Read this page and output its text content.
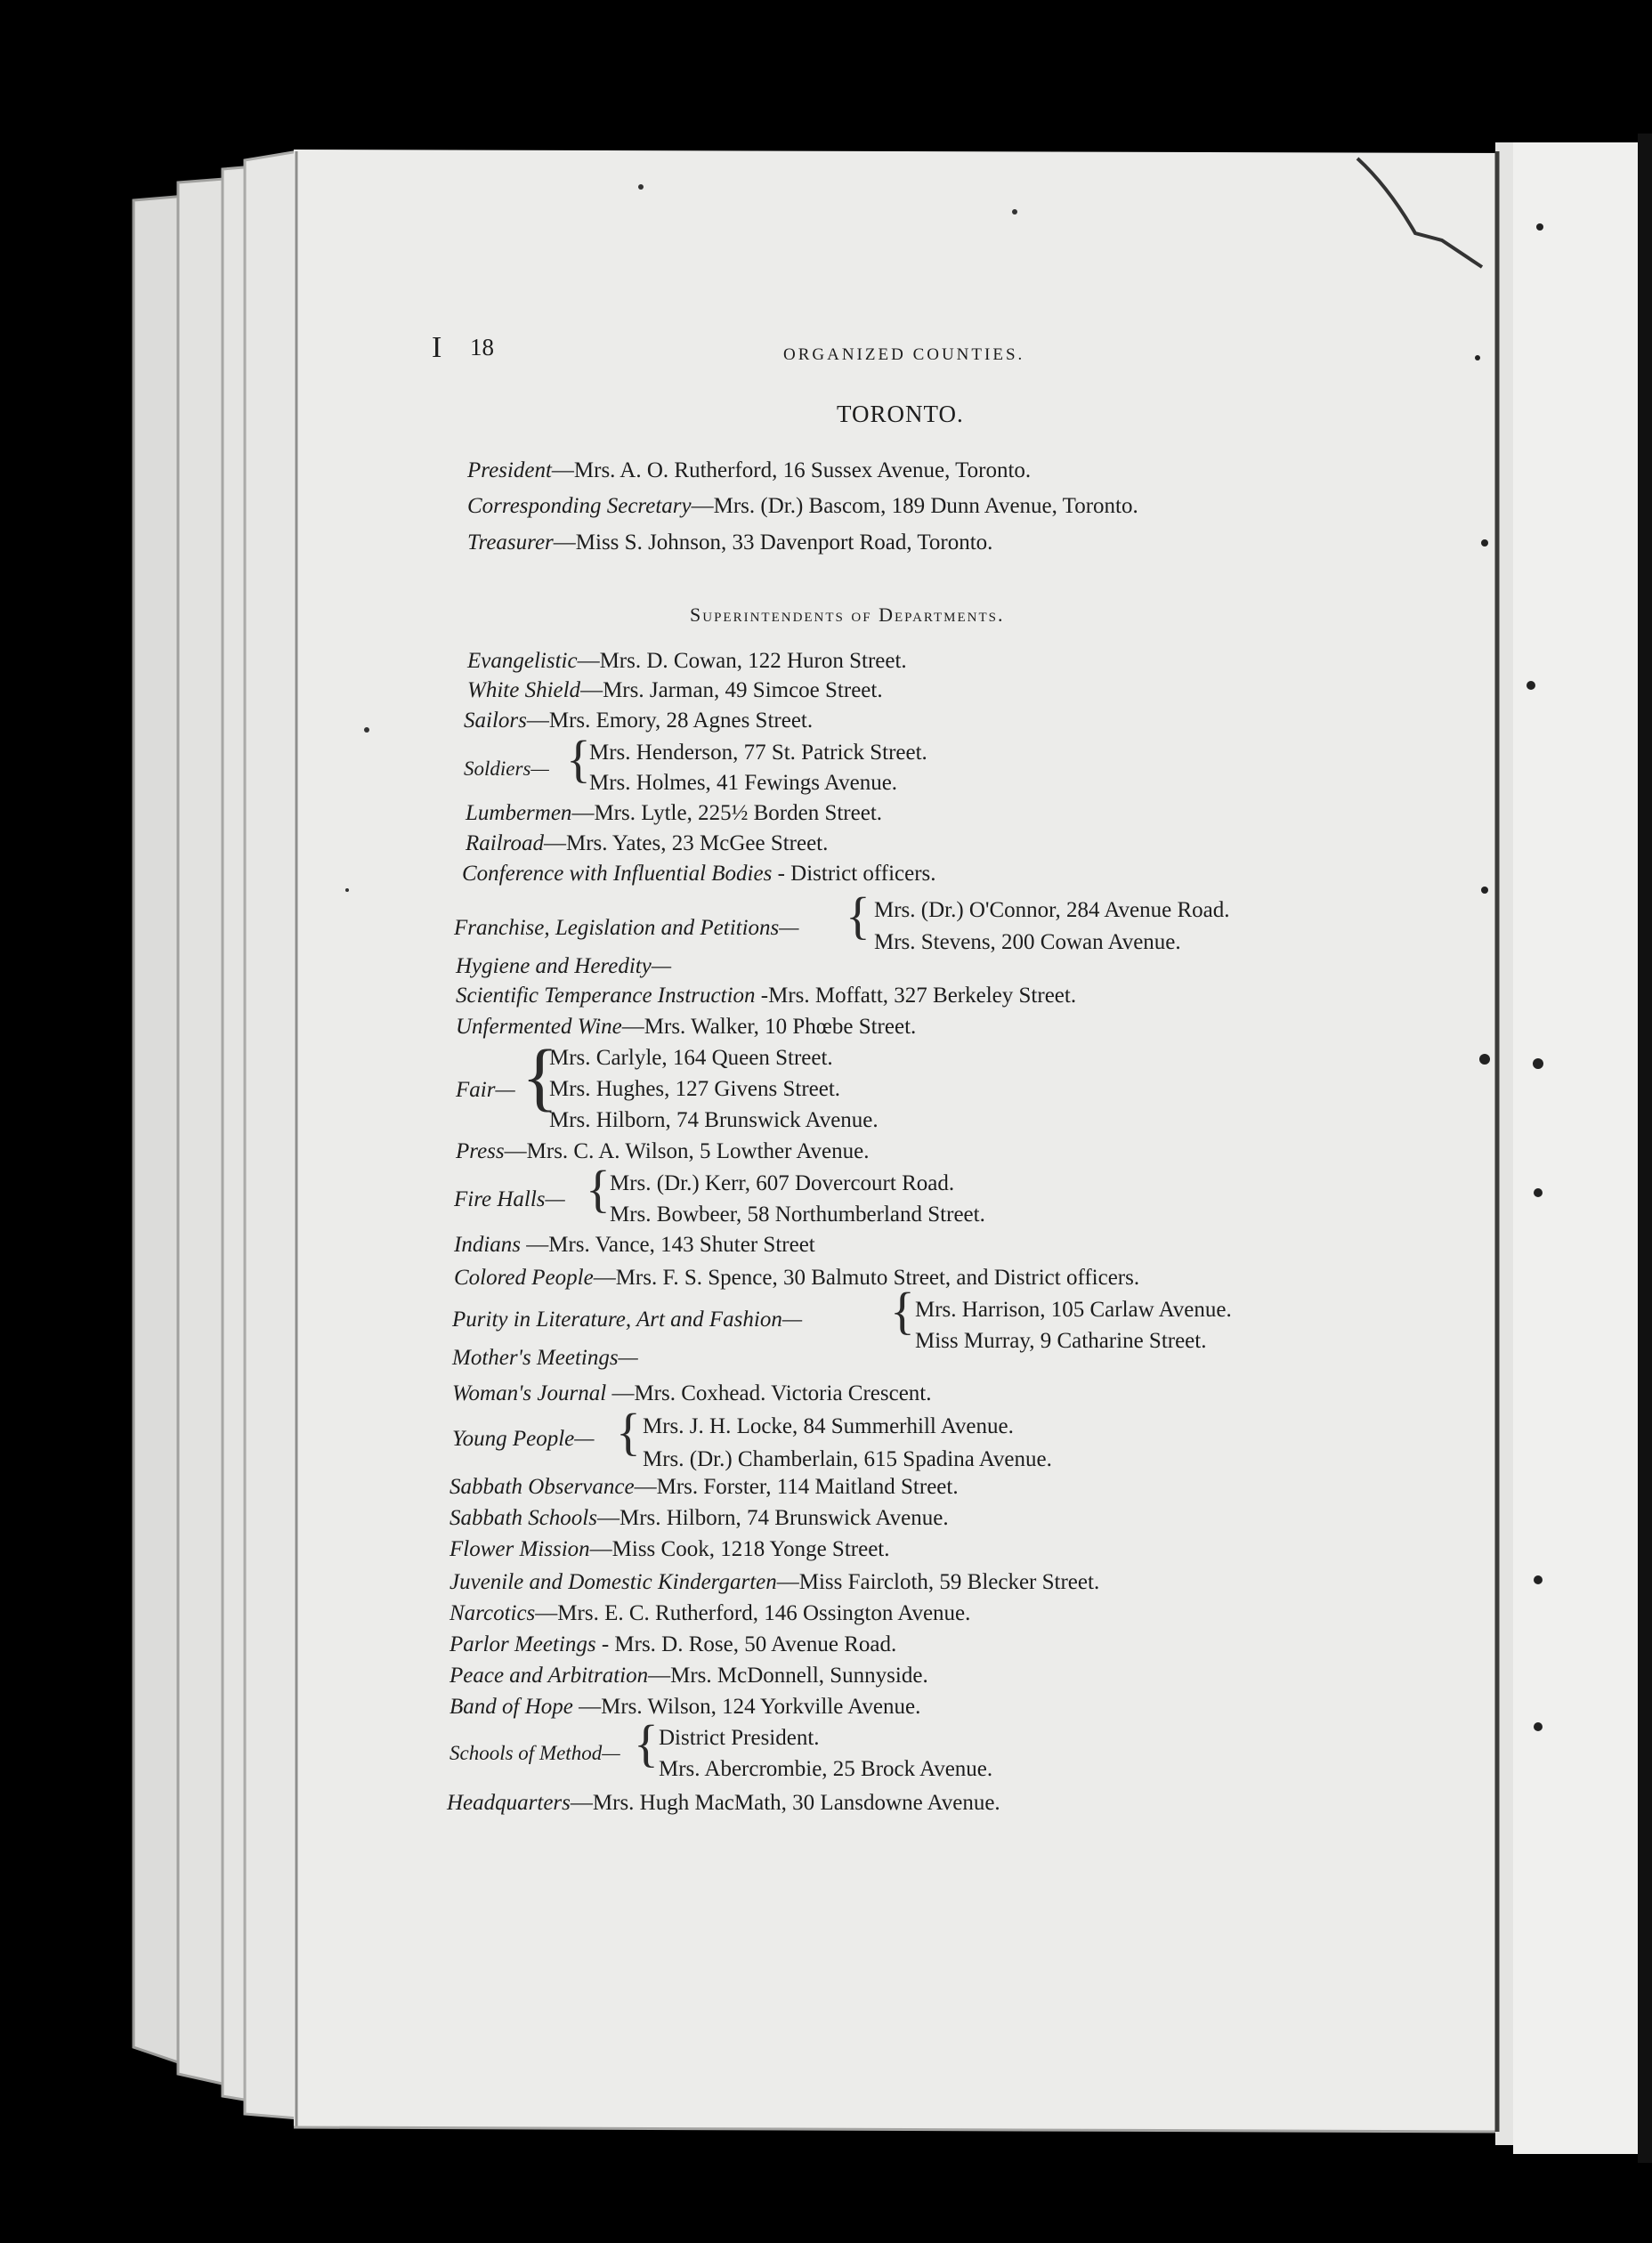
I 18	ORGANIZED COUNTIES.
TORONTO.
President—Mrs. A. O. Rutherford, 16 Sussex Avenue, Toronto.
Corresponding Secretary—Mrs. (Dr.) Bascom, 189 Dunn Avenue, Toronto.
Treasurer—Miss S. Johnson, 33 Davenport Road, Toronto.
Superintendents of Departments.
Evangelistic—Mrs. D. Cowan, 122 Huron Street.
White Shield—Mrs. Jarman, 49 Simcoe Street.
Sailors—Mrs. Emory, 28 Agnes Street.
Soldiers— {
Mrs. Henderson, 77 St. Patrick Street.
Mrs. Holmes, 41 Fewings Avenue.
Lumbermen—Mrs. Lytle, 225½ Borden Street.
Railroad—Mrs. Yates, 23 McGee Street.
Conference with Influential Bodies - District officers.
Franchise, Legislation and Petitions— { Mrs. (Dr.) O'Connor, 284 Avenue Road.
Mrs. Stevens, 200 Cowan Avenue.
Hygiene and Heredity—
Scientific Temperance Instruction -Mrs. Moffatt, 327 Berkeley Street.
Unfermented Wine—Mrs. Walker, 10 Phœbe Street.
Fair— {
Mrs. Carlyle, 164 Queen Street.
Mrs. Hughes, 127 Givens Street.
Mrs. Hilborn, 74 Brunswick Avenue.
Press—Mrs. C. A. Wilson, 5 Lowther Avenue.
Fire Halls— { Mrs. (Dr.) Kerr, 607 Dovercourt Road.
Mrs. Bowbeer, 58 Northumberland Street.
Indians —Mrs. Vance, 143 Shuter Street
Colored People—Mrs. F. S. Spence, 30 Balmuto Street, and District officers.
Purity in Literature, Art and Fashion— { Mrs. Harrison, 105 Carlaw Avenue.
Miss Murray, 9 Catharine Street.
Mother's Meetings—
Woman's Journal —Mrs. Coxhead. Victoria Crescent.
Young People— { Mrs. J. H. Locke, 84 Summerhill Avenue.
Mrs. (Dr.) Chamberlain, 615 Spadina Avenue.
Sabbath Observance—Mrs. Forster, 114 Maitland Street.
Sabbath Schools—Mrs. Hilborn, 74 Brunswick Avenue.
Flower Mission—Miss Cook, 1218 Yonge Street.
Juvenile and Domestic Kindergarten—Miss Faircloth, 59 Blecker Street.
Narcotics—Mrs. E. C. Rutherford, 146 Ossington Avenue.
Parlor Meetings - Mrs. D. Rose, 50 Avenue Road.
Peace and Arbitration—Mrs. McDonnell, Sunnyside.
Band of Hope —Mrs. Wilson, 124 Yorkville Avenue.
Schools of Method— { District President.
Mrs. Abercrombie, 25 Brock Avenue.
Headquarters—Mrs. Hugh MacMath, 30 Lansdowne Avenue.
